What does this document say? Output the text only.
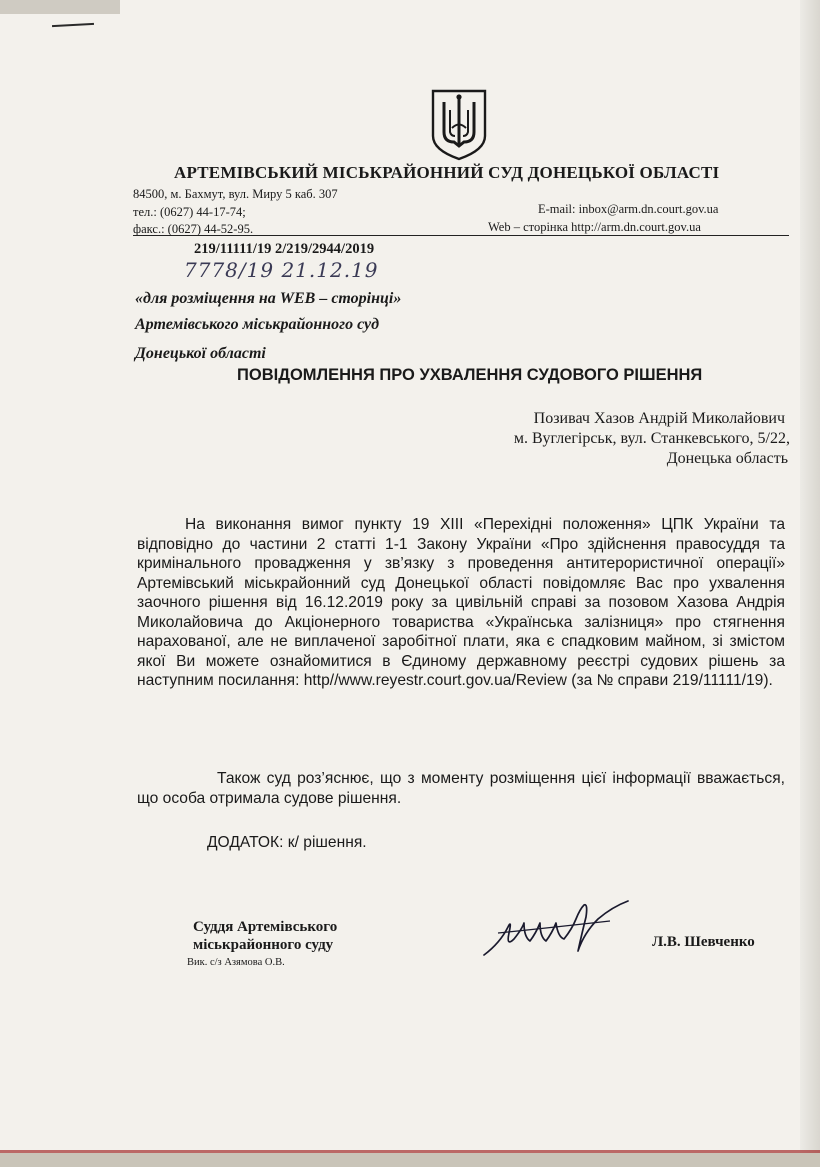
АРТЕМІВСЬКИЙ МІСЬКРАЙОННИЙ СУД ДОНЕЦЬКОЇ ОБЛАСТІ
84500, м. Бахмут, вул. Миру 5 каб. 307
тел.: (0627) 44-17-74;
факс.: (0627) 44-52-95.
E-mail: inbox@arm.dn.court.gov.ua
Web – сторінка http://arm.dn.court.gov.ua
219/11111/19 2/219/2944/2019
7778/19 21.12.19
«для розміщення на WEB – сторінці»
Артемівського міськрайонного суд
Донецької області
ПОВІДОМЛЕННЯ ПРО УХВАЛЕННЯ СУДОВОГО РІШЕННЯ
Позивач Хазов Андрій Миколайович
м. Вуглегірськ, вул. Станкевського, 5/22,
Донецька область

На виконання вимог пункту 19 XIII «Перехідні положення» ЦПК України та відповідно до частини 2 статті 1-1 Закону України «Про здійснення правосуддя та кримінального провадження у зв’язку з проведення антитерористичної операції» Артемівський міськрайонний суд Донецької області повідомляє Вас про ухвалення заочного рішення від 16.12.2019 року за цивільній справі за позовом Хазова Андрія Миколайовича до Акціонерного товариства «Українська залізниця» про стягнення нарахованої, але не виплаченої заробітної плати, яка є спадковим майном, зі змістом якої Ви можете ознайомитися в Єдиному державному реєстрі судових рішень за наступним посилання: http//www.reyestr.court.gov.ua/Review (за № справи 219/11111/19).

Також суд роз’яснює, що з моменту розміщення цієї інформації вважається, що особа отримала судове рішення.

ДОДАТОК: к/ рішення.
Суддя Артемівського
міськрайонного суду
Вик. с/з Азямова О.В.
Л.В. Шевченко
